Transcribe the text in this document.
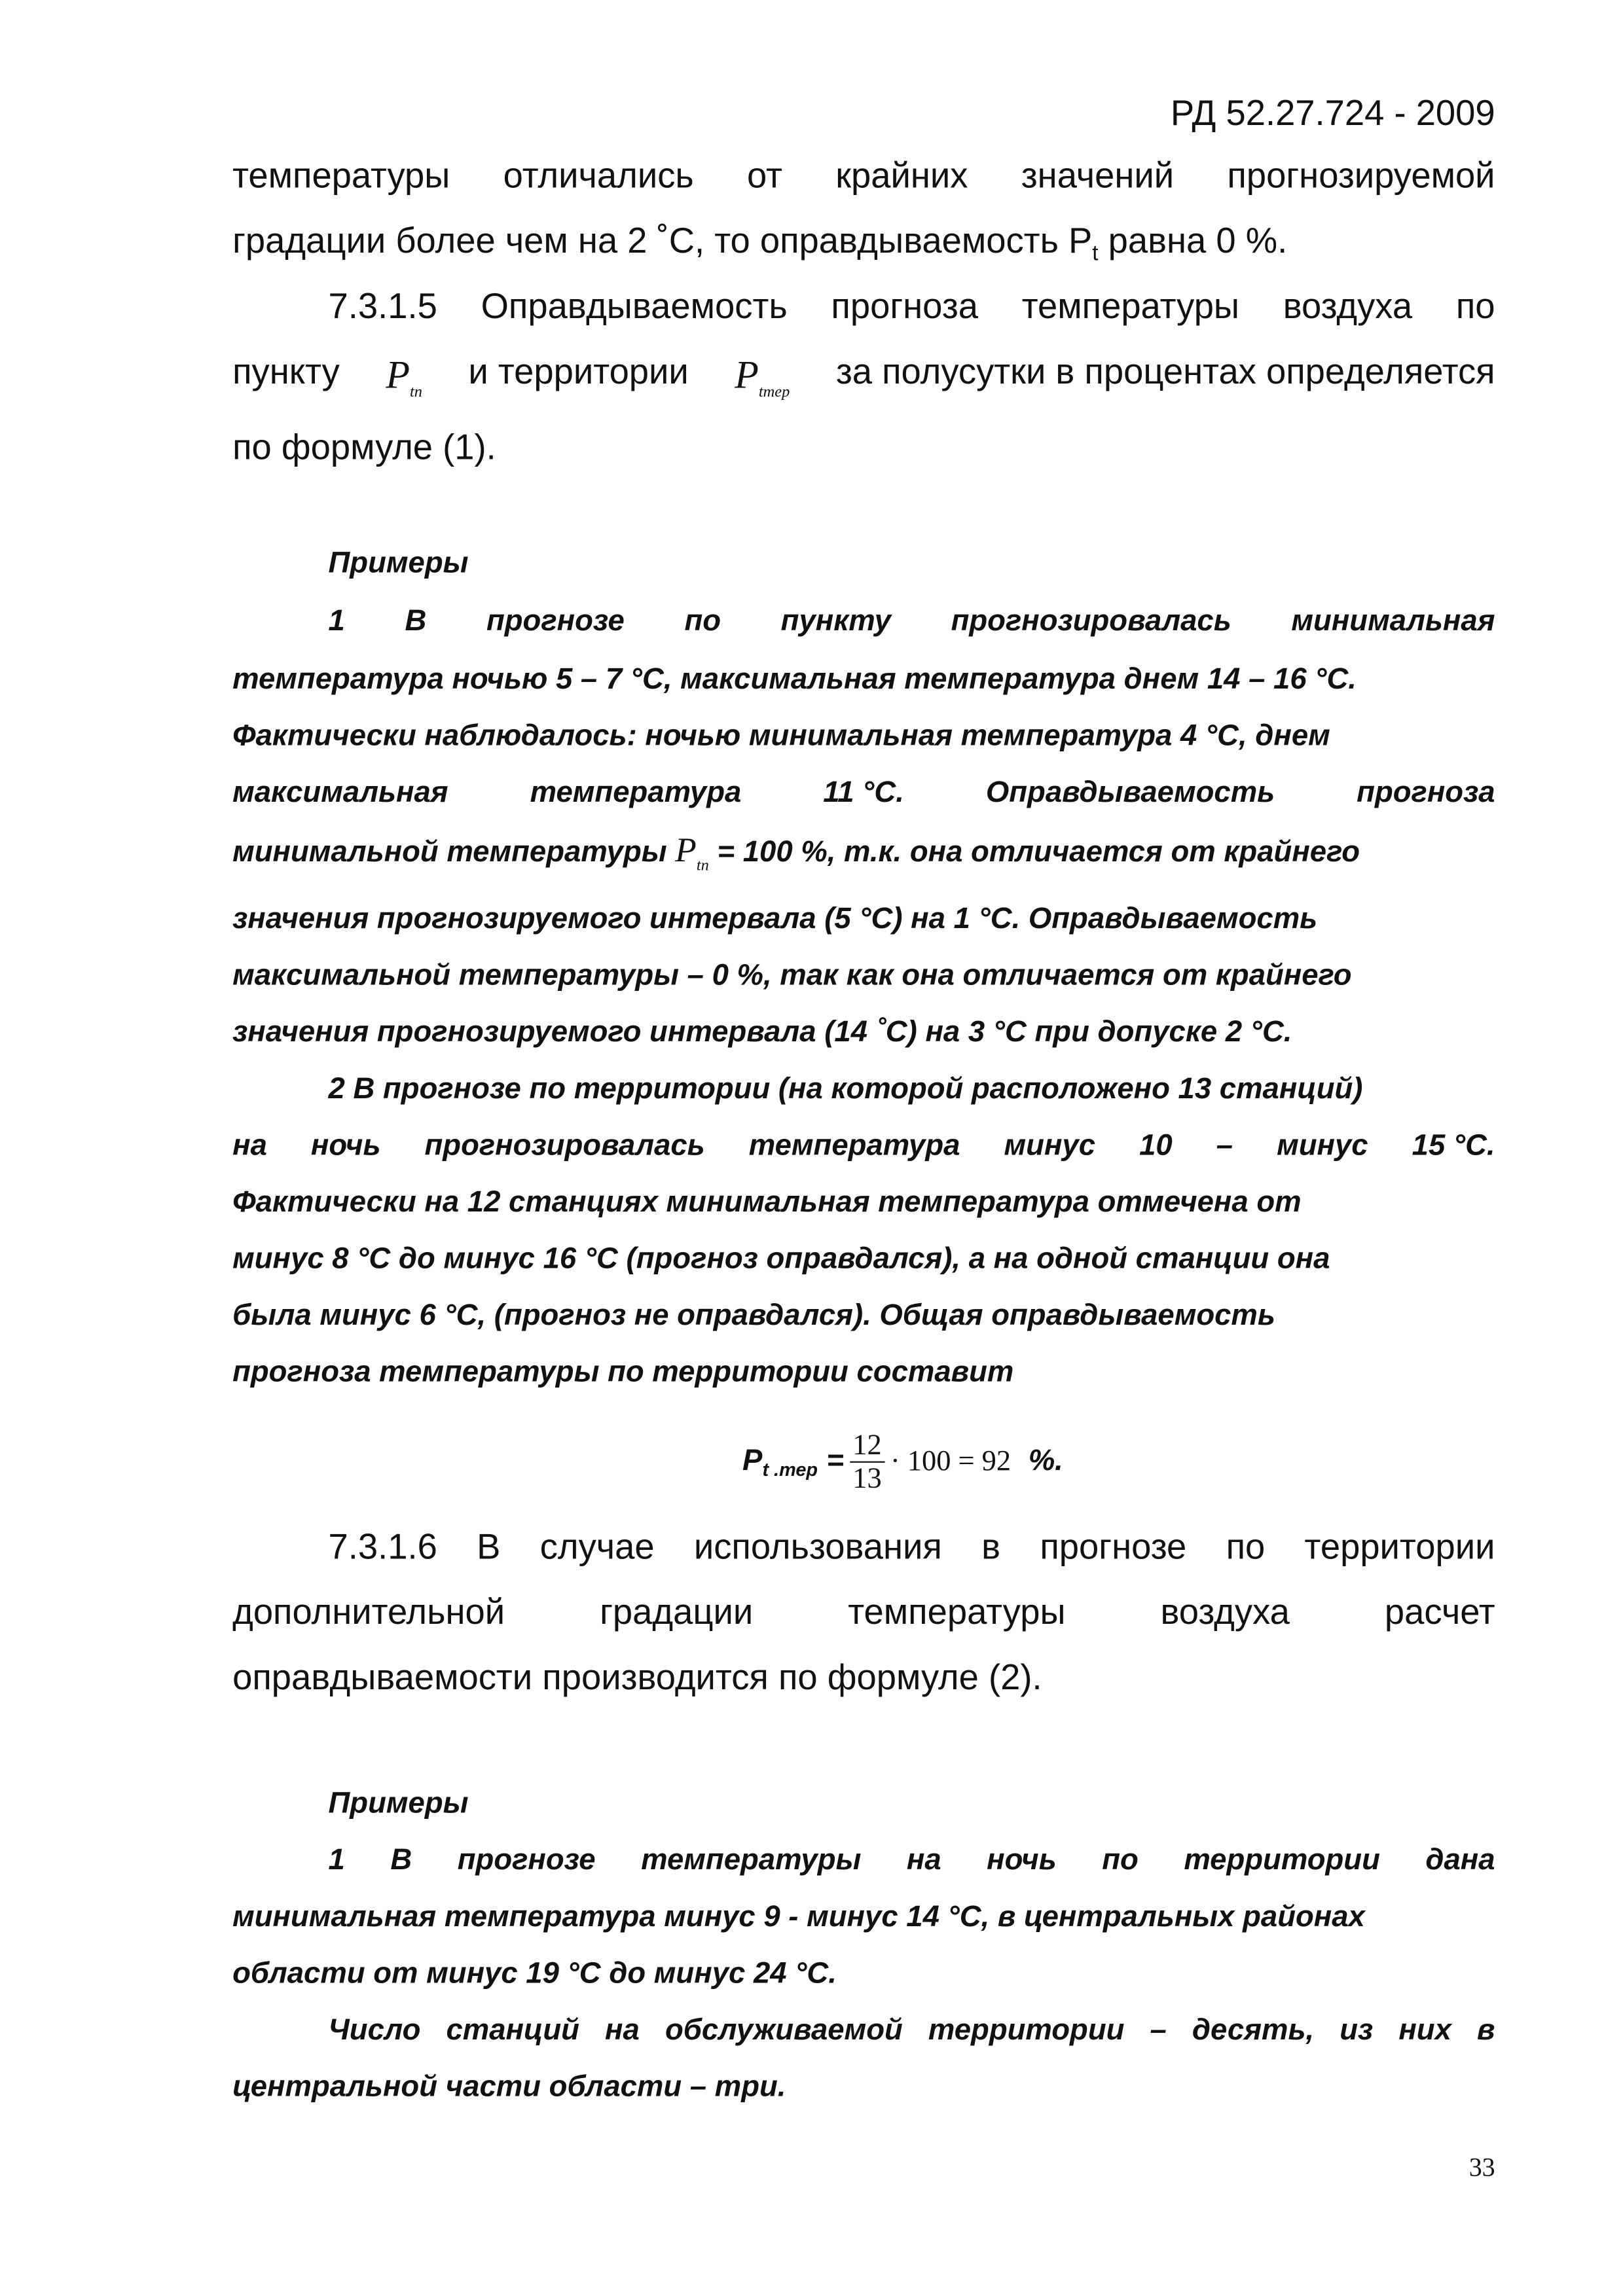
РД 52.27.724 - 2009
температуры	отличались	от	крайних	значений	прогнозируемой
градации более чем на 2 ˚С, то оправдываемость $P_t$ равна 0 %.
7.3.1.5	Оправдываемость	прогноза	температуры	воздуха	по
пункту	$P_{tп}$	и территории	$P_{tтер}$	за полусутки в процентах определяется
по формуле (1).
Примеры
1	В	прогнозе	по	пункту	прогнозировалась	минимальная
температура ночью 5 – 7 °С, максимальная температура днем 14 – 16 °С.
Фактически наблюдалось: ночью минимальная температура 4 °С, днем
максимальная	температура	11 °С.	Оправдываемость	прогноза
минимальной температуры $P_{tп} = 100$ %, т.к. она отличается от крайнего
значения прогнозируемого интервала (5 °С) на 1 °С. Оправдываемость
максимальной температуры – 0 %, так как она отличается от крайнего
значения прогнозируемого интервала (14 ˚С) на 3 °С при допуске 2 °С.
2 В прогнозе по территории (на которой расположено 13 станций)
на	ночь	прогнозировалась	температура	минус	10	–	минус	15 °С.
Фактически на 12 станциях минимальная температура отмечена от
минус 8 °С до минус 16 °С (прогноз оправдался), а на одной станции она
была минус 6 °С, (прогноз не оправдался). Общая оправдываемость
прогноза температуры по территории составит
Pt $.тер = \frac{12}{13} \cdot 100 = 92$ %.
7.3.1.6 В случае использования в прогнозе по территории
дополнительной	градации	температуры	воздуха	расчет
оправдываемости производится по формуле (2).
Примеры
1	В	прогнозе	температуры	на	ночь	по	территории	дана
минимальная температура минус 9 - минус 14 °С, в центральных районах
области от минус 19 °С до минус 24 °С.
Число станций на обслуживаемой территории – десять, из них в
центральной части области – три.
33
